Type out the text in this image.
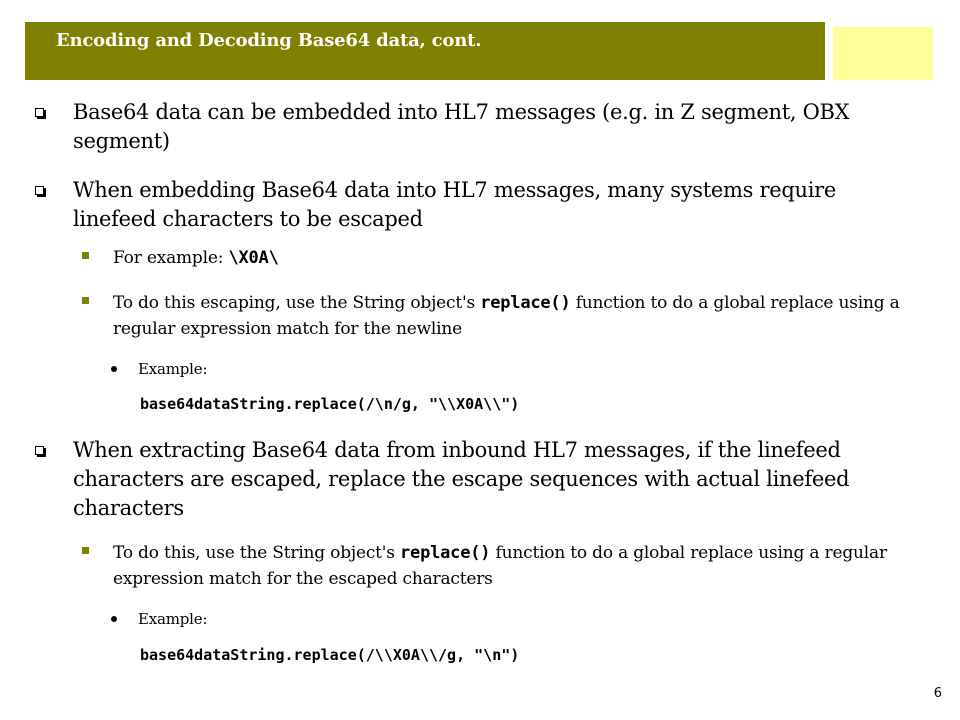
Encoding and Decoding Base64 data, cont.
Base64 data can be embedded into HL7 messages (e.g. in Z segment, OBX segment)
When embedding Base64 data into HL7 messages, many systems require linefeed characters to be escaped
For example: \X0A\
To do this escaping, use the String object's replace() function to do a global replace using a regular expression match for the newline
Example:
base64dataString.replace(/\n/g, "\\X0A\\")
When extracting Base64 data from inbound HL7 messages, if the linefeed characters are escaped, replace the escape sequences with actual linefeed characters
To do this, use the String object's replace() function to do a global replace using a regular expression match for the escaped characters
Example:
base64dataString.replace(/\\X0A\\/g, "\n")
6
